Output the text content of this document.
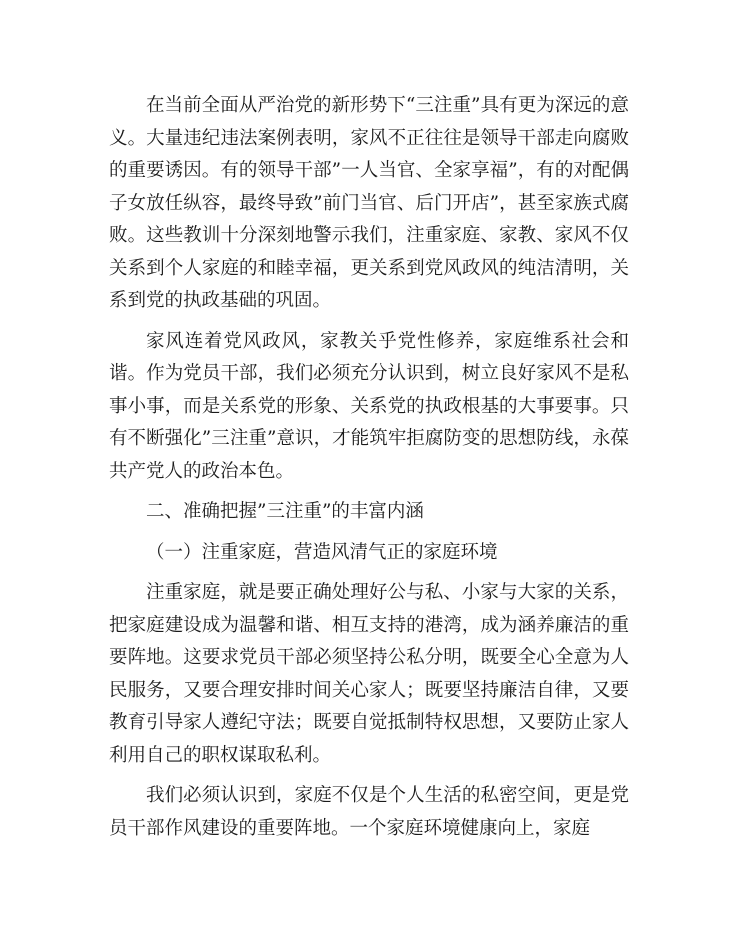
在当前全面从严治党的新形势下“三注重”具有更为深远的意义。大量违纪违法案例表明，家风不正往往是领导干部走向腐败的重要诱因。有的领导干部”一人当官、全家享福”，有的对配偶子女放任纵容，最终导致”前门当官、后门开店”，甚至家族式腐败。这些教训十分深刻地警示我们，注重家庭、家教、家风不仅关系到个人家庭的和睦幸福，更关系到党风政风的纯洁清明，关系到党的执政基础的巩固。

家风连着党风政风，家教关乎党性修养，家庭维系社会和谐。作为党员干部，我们必须充分认识到，树立良好家风不是私事小事，而是关系党的形象、关系党的执政根基的大事要事。只有不断强化”三注重”意识，才能筑牢拒腐防变的思想防线，永葆共产党人的政治本色。

二、准确把握”三注重”的丰富内涵

（一）注重家庭，营造风清气正的家庭环境

注重家庭，就是要正确处理好公与私、小家与大家的关系，把家庭建设成为温馨和谐、相互支持的港湾，成为涵养廉洁的重要阵地。这要求党员干部必须坚持公私分明，既要全心全意为人民服务，又要合理安排时间关心家人；既要坚持廉洁自律，又要教育引导家人遵纪守法；既要自觉抵制特权思想，又要防止家人利用自己的职权谋取私利。

我们必须认识到，家庭不仅是个人生活的私密空间，更是党员干部作风建设的重要阵地。一个家庭环境健康向上，家庭
